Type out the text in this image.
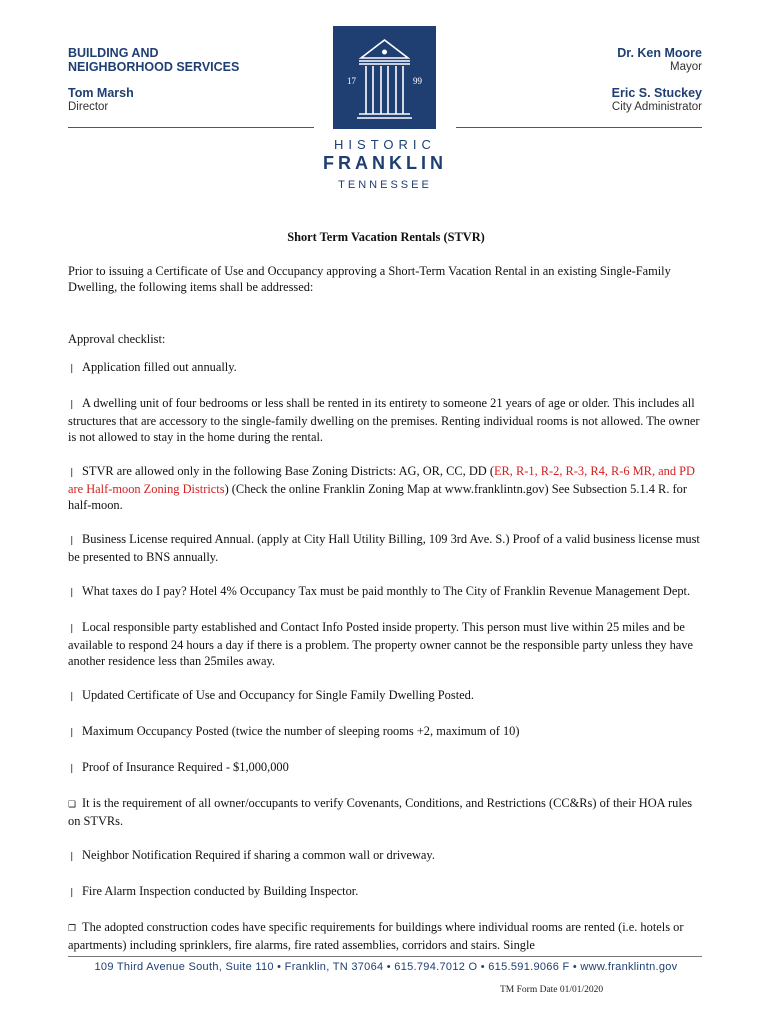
BUILDING AND
NEIGHBORHOOD SERVICES
Tom Marsh
Director
Dr. Ken Moore
Mayor
Eric S. Stuckey
City Administrator
17	99
HISTORIC
FRANKLIN
TENNESSEE
Short Term Vacation Rentals (STVR)

Prior to issuing a Certificate of Use and Occupancy approving a Short-Term Vacation Rental in an existing Single-Family Dwelling, the following items shall be addressed:

Approval checklist:

❘ Application filled out annually.
❘ A dwelling unit of four bedrooms or less shall be rented in its entirety to someone 21 years of age or older. This includes all structures that are accessory to the single-family dwelling on the premises. Renting individual rooms is not allowed. The owner is not allowed to stay in the home during the rental.
❘ STVR are allowed only in the following Base Zoning Districts: AG, OR, CC, DD (ER, R-1, R-2, R-3, R4, R-6 MR, and PD are Half-moon Zoning Districts) (Check the online Franklin Zoning Map at www.franklintn.gov) See Subsection 5.1.4 R. for half-moon.
❘ Business License required Annual. (apply at City Hall Utility Billing, 109 3rd Ave. S.) Proof of a valid business license must be presented to BNS annually.
❘ What taxes do I pay? Hotel 4% Occupancy Tax must be paid monthly to The City of Franklin Revenue Management Dept.
❘ Local responsible party established and Contact Info Posted inside property. This person must live within 25 miles and be available to respond 24 hours a day if there is a problem. The property owner cannot be the responsible party unless they have another residence less than 25miles away.
❘ Updated Certificate of Use and Occupancy for Single Family Dwelling Posted.
❘ Maximum Occupancy Posted (twice the number of sleeping rooms +2, maximum of 10)
❘ Proof of Insurance Required - $1,000,000
❏ It is the requirement of all owner/occupants to verify Covenants, Conditions, and Restrictions (CC&Rs) of their HOA rules on STVRs.
❘ Neighbor Notification Required if sharing a common wall or driveway.
❘ Fire Alarm Inspection conducted by Building Inspector.
❐ The adopted construction codes have specific requirements for buildings where individual rooms are rented (i.e. hotels or apartments) including sprinklers, fire alarms, fire rated assemblies, corridors and stairs. Single
109 Third Avenue South, Suite 110 • Franklin, TN 37064 • 615.794.7012 O • 615.591.9066 F • www.franklintn.gov
TM Form Date 01/01/2020
